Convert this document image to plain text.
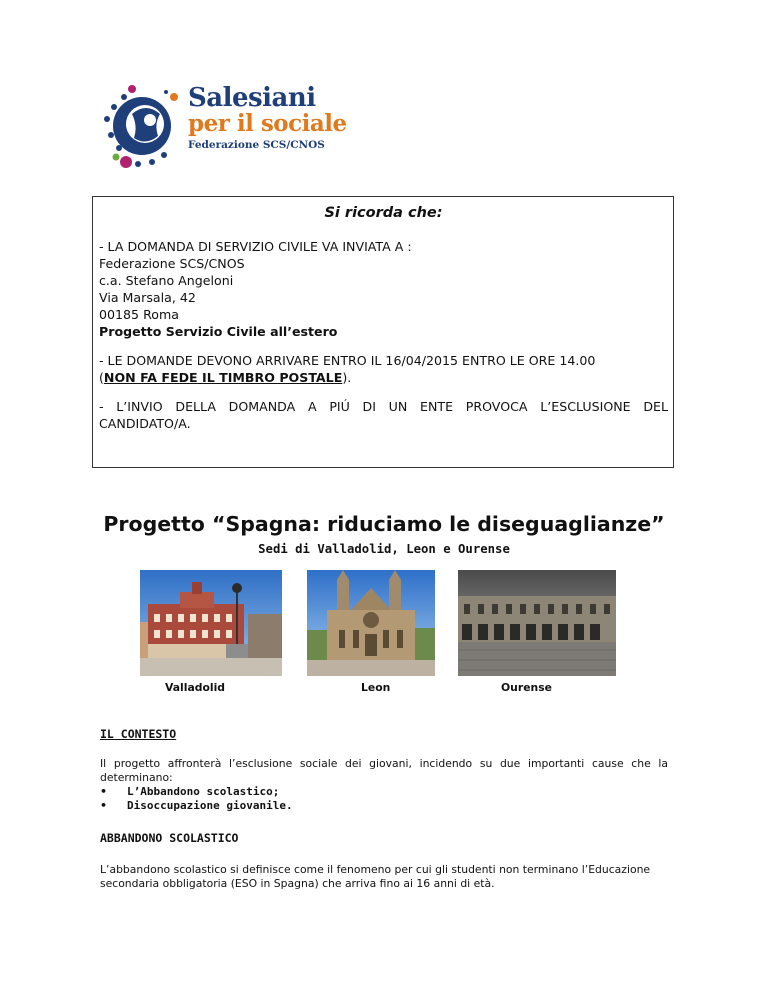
Salesiani
per il sociale
Federazione SCS/CNOS
Si ricorda che:

- LA DOMANDA DI SERVIZIO CIVILE VA INVIATA A :

Federazione SCS/CNOS

c.a. Stefano Angeloni

Via Marsala, 42

00185 Roma

Progetto Servizio Civile all’estero

- LE DOMANDE DEVONO ARRIVARE ENTRO IL 16/04/2015 ENTRO LE ORE 14.00

(NON FA FEDE IL TIMBRO POSTALE).

- L’INVIO DELLA DOMANDA A PIÚ DI UN ENTE PROVOCA L’ESCLUSIONE DEL

CANDIDATO/A.

Progetto “Spagna: riduciamo le diseguaglianze”
Sedi di Valladolid, Leon e Ourense
Valladolid	Leon	Ourense
IL CONTESTO

Il progetto affronterà l’esclusione sociale dei giovani, incidendo su due importanti cause che la determinano:

• L’Abbandono scolastico;
• Disoccupazione giovanile.
ABBANDONO SCOLASTICO

L’abbandono scolastico si definisce come il fenomeno per cui gli studenti non terminano l’Educazione secondaria obbligatoria (ESO in Spagna) che arriva fino ai 16 anni di età.
